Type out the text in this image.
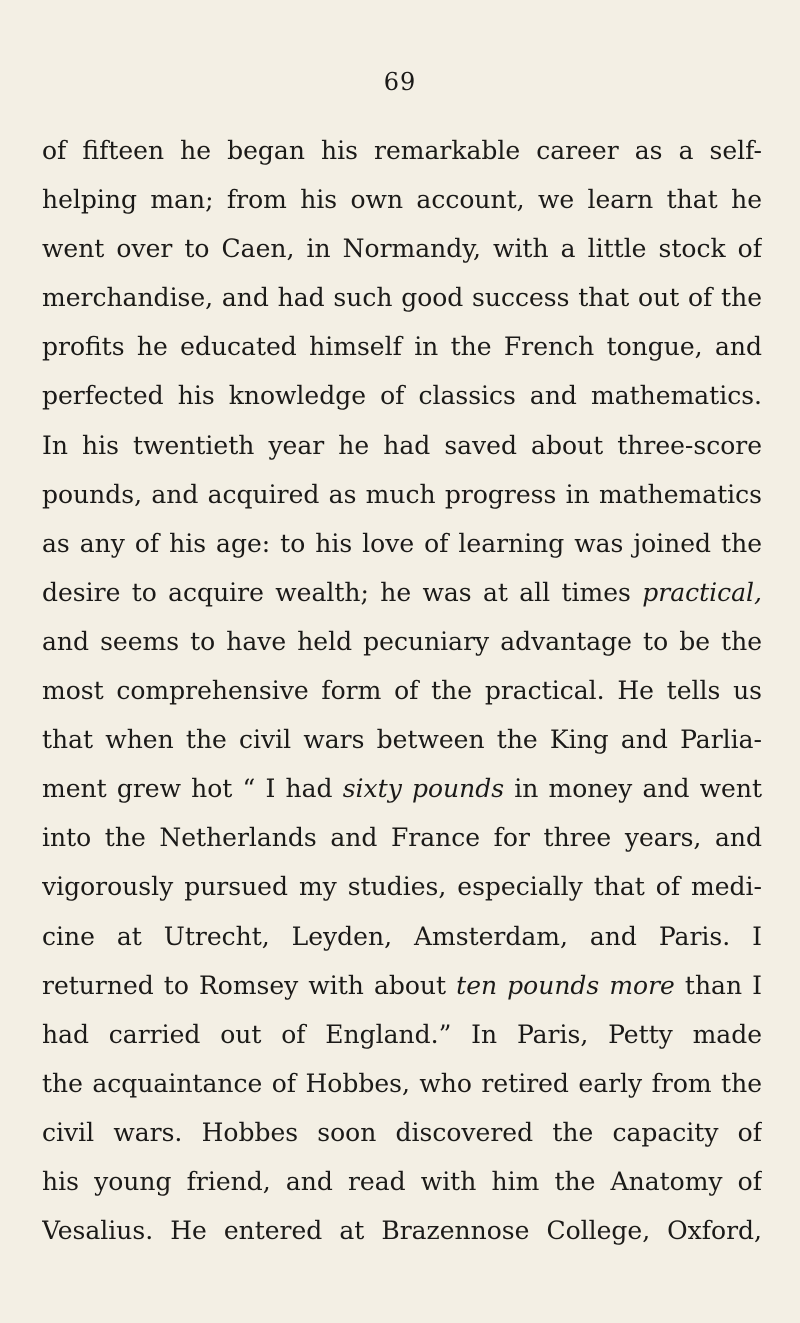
69
of fifteen he began his remarkable career as a self-
helping man; from his own account, we learn that he
went over to Caen, in Normandy, with a little stock of
merchandise, and had such good success that out of the
profits he educated himself in the French tongue, and
perfected his knowledge of classics and mathematics.
In his twentieth year he had saved about three-score
pounds, and acquired as much progress in mathematics
as any of his age: to his love of learning was joined the
desire to acquire wealth; he was at all times practical,
and seems to have held pecuniary advantage to be the
most comprehensive form of the practical. He tells us
that when the civil wars between the King and Parlia-
ment grew hot “ I had sixty pounds in money and went
into the Netherlands and France for three years, and
vigorously pursued my studies, especially that of medi-
cine at Utrecht, Leyden, Amsterdam, and Paris. I
returned to Romsey with about ten pounds more than I
had carried out of England.” In Paris, Petty made
the acquaintance of Hobbes, who retired early from the
civil wars. Hobbes soon discovered the capacity of
his young friend, and read with him the Anatomy of
Vesalius. He entered at Brazennose College, Oxford,
